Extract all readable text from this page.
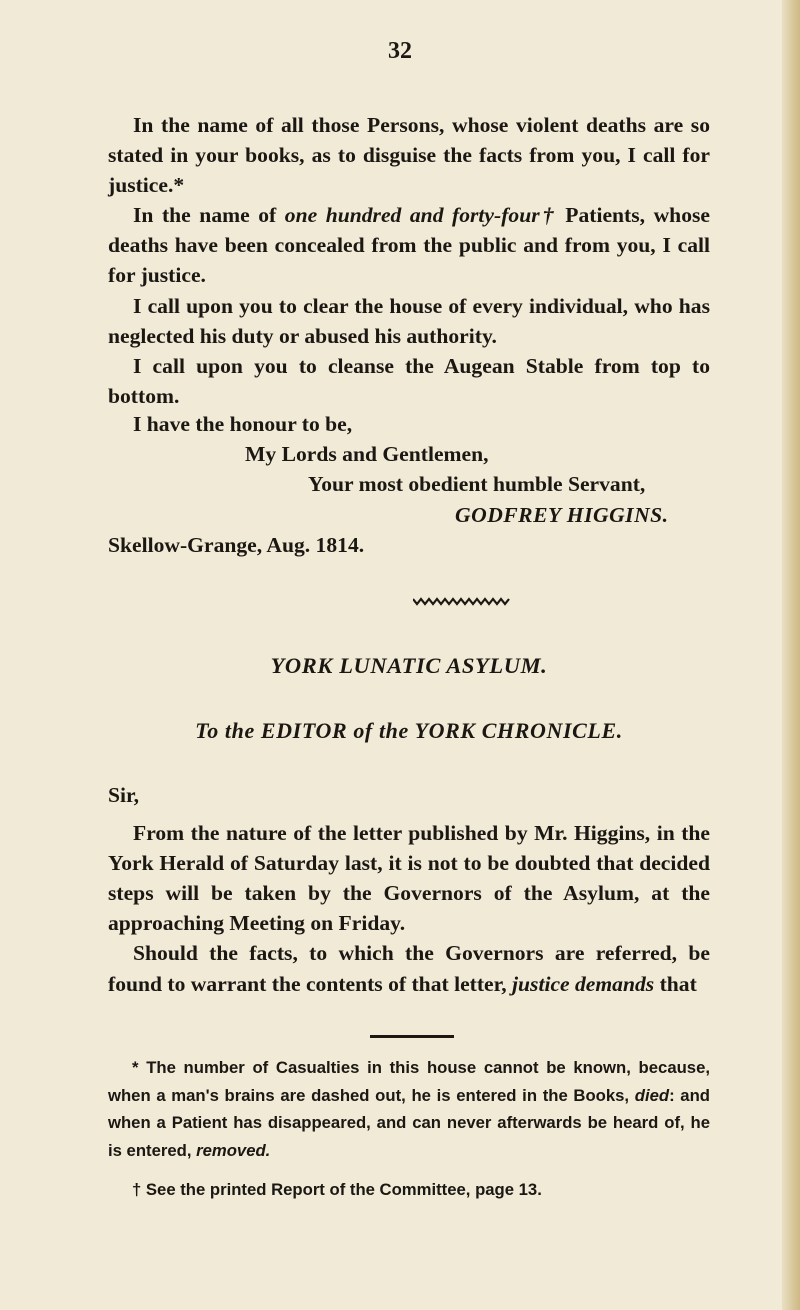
32

In the name of all those Persons, whose violent deaths are so stated in your books, as to disguise the facts from you, I call for justice.*

In the name of one hundred and forty-four† Patients, whose deaths have been concealed from the public and from you, I call for justice.

I call upon you to clear the house of every individual, who has neglected his duty or abused his authority.

I call upon you to cleanse the Augean Stable from top to bottom.

I have the honour to be,
My Lords and Gentlemen,
Your most obedient humble Servant,
GODFREY HIGGINS.
Skellow-Grange, Aug. 1814.
YORK LUNATIC ASYLUM.
To the EDITOR of the YORK CHRONICLE.

Sir,

From the nature of the letter published by Mr. Higgins, in the York Herald of Saturday last, it is not to be doubted that decided steps will be taken by the Governors of the Asylum, at the approaching Meeting on Friday.

Should the facts, to which the Governors are referred, be found to warrant the contents of that letter, justice demands that

* The number of Casualties in this house cannot be known, because, when a man's brains are dashed out, he is entered in the Books, died: and when a Patient has disappeared, and can never afterwards be heard of, he is entered, removed.

† See the printed Report of the Committee, page 13.
